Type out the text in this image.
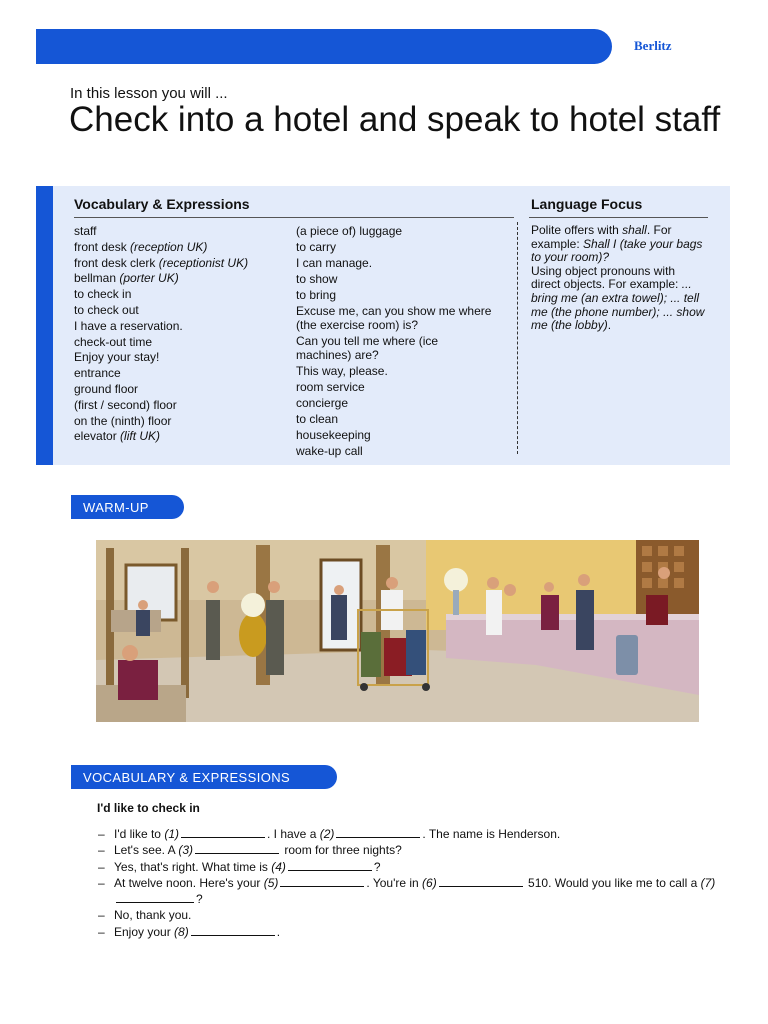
Berlitz
In this lesson you will ...
Check into a hotel and speak to hotel staff
Vocabulary & Expressions	Language Focus
staff
front desk (reception UK)
front desk clerk (receptionist UK)
bellman (porter UK)
to check in
to check out
I have a reservation.
check-out time
Enjoy your stay!
entrance
ground floor
(first / second) floor
on the (ninth) floor
elevator (lift UK)
(a piece of) luggage
to carry
I can manage.
to show
to bring
Excuse me, can you show me where (the exercise room) is?
Can you tell me where (ice machines) are?
This way, please.
room service
concierge
to clean
housekeeping
wake-up call

Polite offers with shall. For example: Shall I (take your bags to your room)?

Using object pronouns with direct objects. For example: ... bring me (an extra towel); ... tell me (the phone number); ... show me (the lobby).

WARM-UP
VOCABULARY & EXPRESSIONS
I'd like to check in
– I'd like to (1)	. I have a (2)	. The name is Henderson.
– Let's see. A (3)	room for three nights?
– Yes, that's right. What time is (4)	?
– At twelve noon. Here's your (5)	. You're in (6)	510. Would you like me to call a (7)?
– No, thank you.
– Enjoy your (8)	.
